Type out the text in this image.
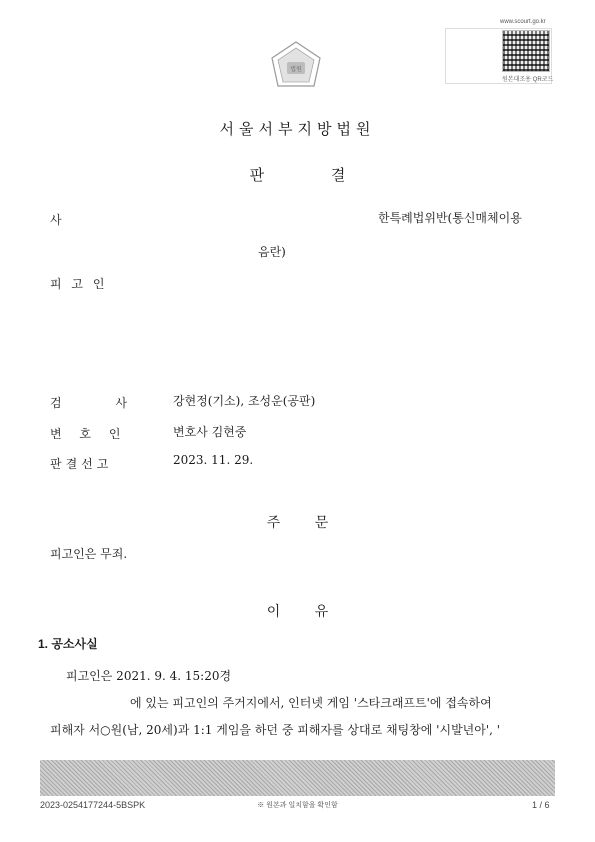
법원
www.scourt.go.kr
원본대조용 QR코드
서울서부지방법원
판 결
사	한특례법위반(통신매체이용
음란)
피 고 인
검 사	강현정(기소), 조성운(공판)
변 호 인	변호사 김현중
판결선고	2023. 11. 29.
주 문
피고인은 무죄.
이 유
1. 공소사실
피고인은 2021. 9. 4. 15:20경
에 있는 피고인의 주거지에서, 인터넷 게임 '스타크래프트'에 접속하여
피해자 서○원(남, 20세)과 1:1 게임을 하던 중 피해자를 상대로 채팅창에 '시발년아', '
2023-0254177244-5BSPK	※ 원본과 일치함을 확인함	1 / 6
